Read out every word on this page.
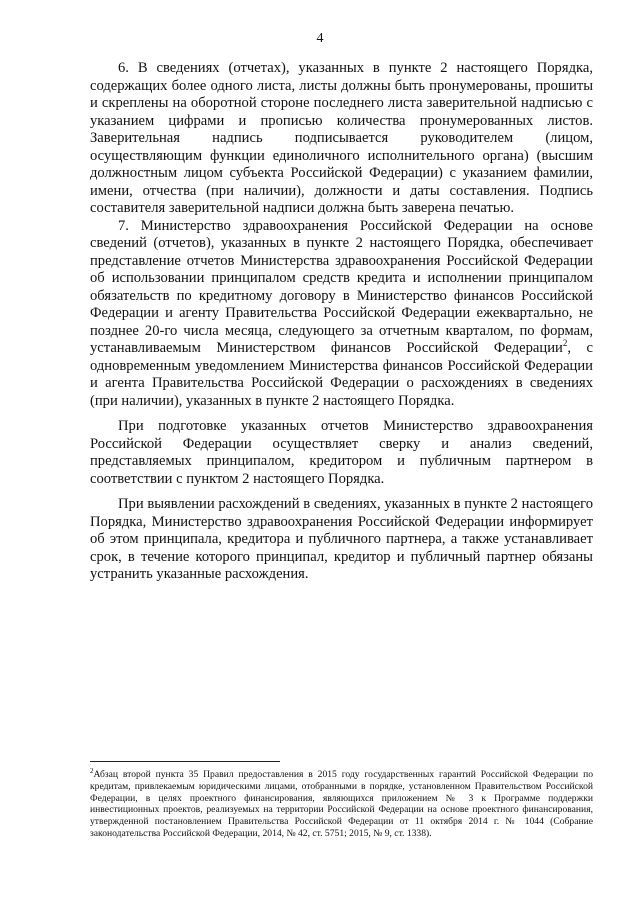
4

6. В сведениях (отчетах), указанных в пункте 2 настоящего Порядка, содержащих более одного листа, листы должны быть пронумерованы, прошиты и скреплены на оборотной стороне последнего листа заверительной надписью с указанием цифрами и прописью количества пронумерованных листов. Заверительная надпись подписывается руководителем (лицом, осуществляющим функции единоличного исполнительного органа) (высшим должностным лицом субъекта Российской Федерации) с указанием фамилии, имени, отчества (при наличии), должности и даты составления. Подпись составителя заверительной надписи должна быть заверена печатью.

7. Министерство здравоохранения Российской Федерации на основе сведений (отчетов), указанных в пункте 2 настоящего Порядка, обеспечивает представление отчетов Министерства здравоохранения Российской Федерации об использовании принципалом средств кредита и исполнении принципалом обязательств по кредитному договору в Министерство финансов Российской Федерации и агенту Правительства Российской Федерации ежеквартально, не позднее 20-го числа месяца, следующего за отчетным кварталом, по формам, устанавливаемым Министерством финансов Российской Федерации$^2$, с одновременным уведомлением Министерства финансов Российской Федерации и агента Правительства Российской Федерации о расхождениях в сведениях (при наличии), указанных в пункте 2 настоящего Порядка.

При подготовке указанных отчетов Министерство здравоохранения Российской Федерации осуществляет сверку и анализ сведений, представляемых принципалом, кредитором и публичным партнером в соответствии с пунктом 2 настоящего Порядка.

При выявлении расхождений в сведениях, указанных в пункте 2 настоящего Порядка, Министерство здравоохранения Российской Федерации информирует об этом принципала, кредитора и публичного партнера, а также устанавливает срок, в течение которого принципал, кредитор и публичный партнер обязаны устранить указанные расхождения.

$^2$Абзац второй пункта 35 Правил предоставления в 2015 году государственных гарантий Российской Федерации по кредитам, привлекаемым юридическими лицами, отобранными в порядке, установленном Правительством Российской Федерации, в целях проектного финансирования, являющихся приложением № 3 к Программе поддержки инвестиционных проектов, реализуемых на территории Российской Федерации на основе проектного финансирования, утвержденной постановлением Правительства Российской Федерации от 11 октября 2014 г. № 1044 (Собрание законодательства Российской Федерации, 2014, № 42, ст. 5751; 2015, № 9, ст. 1338).
